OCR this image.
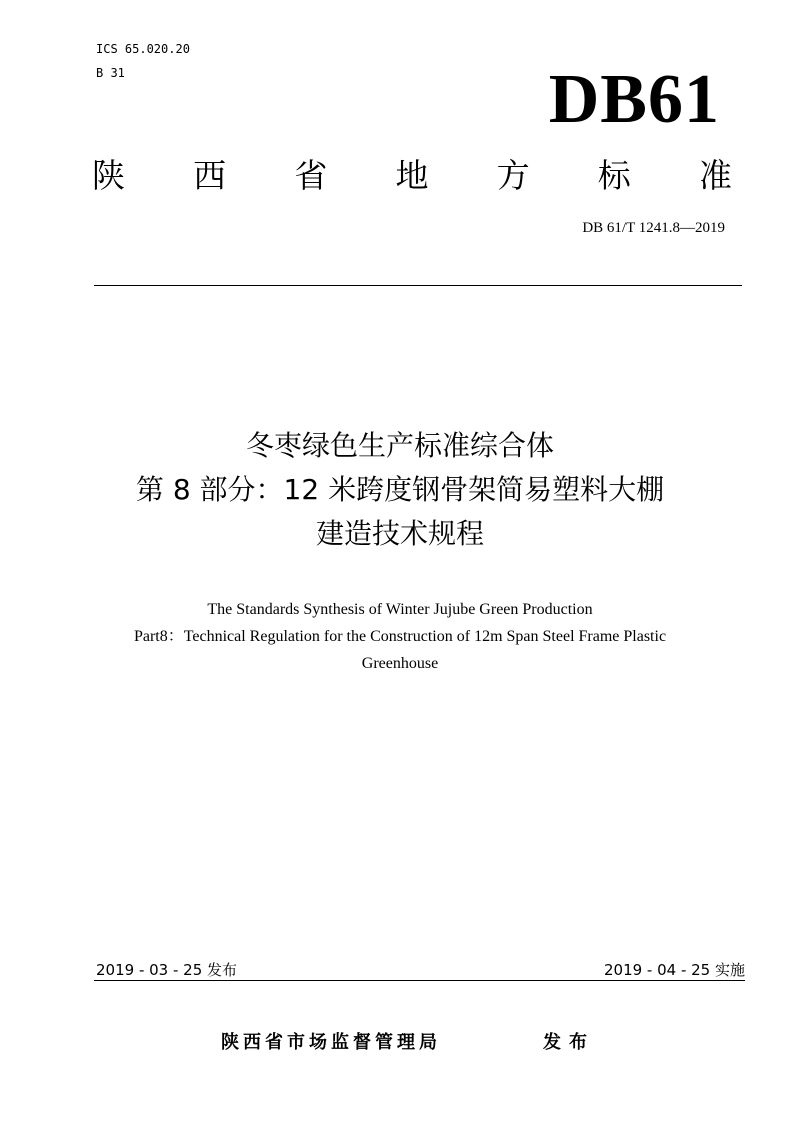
ICS 65.020.20
B 31	DB61
陕 西 省 地 方 标 准
DB 61/T 1241.8—2019
冬枣绿色生产标准综合体
第 8 部分：12 米跨度钢骨架简易塑料大棚
建造技术规程
The Standards Synthesis of Winter Jujube Green Production
Part8：Technical Regulation for the Construction of 12m Span Steel Frame Plastic
Greenhouse
2019 - 03 - 25 发布	2019 - 04 - 25 实施
陕西省市场监督管理局	发布
